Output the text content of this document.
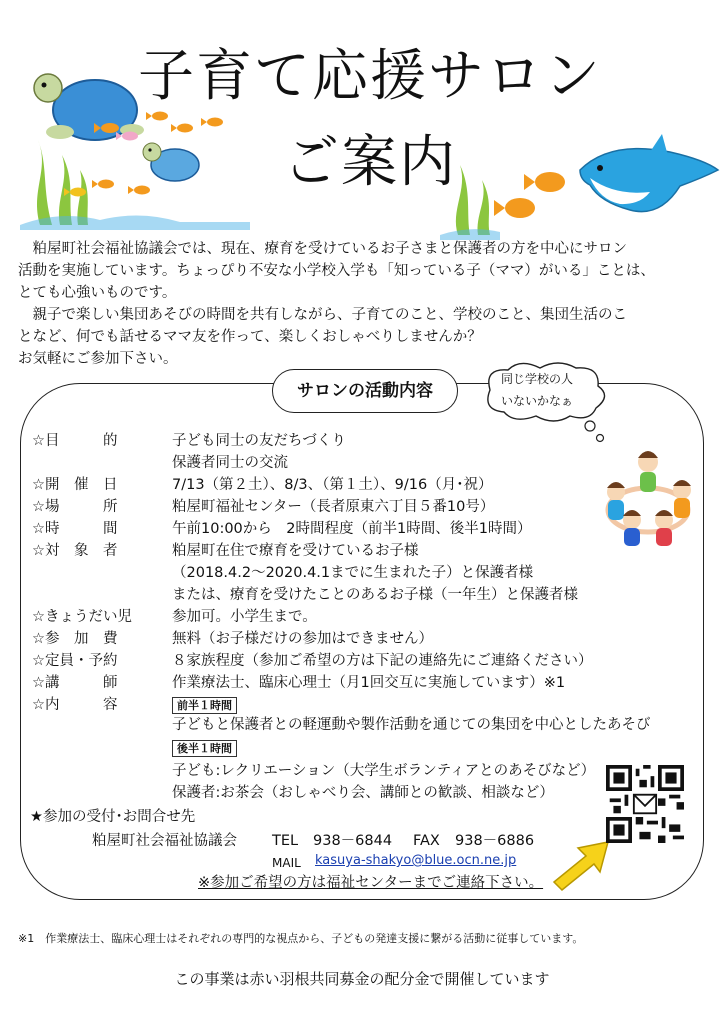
子育て応援サロン
ご案内

　粕屋町社会福祉協議会では、現在、療育を受けているお子さまと保護者の方を中心にサロン

活動を実施しています。ちょっぴり不安な小学校入学も「知っている子（ママ）がいる」ことは、

とても心強いものです。

　親子で楽しい集団あそびの時間を共有しながら、子育てのこと、学校のこと、集団生活のこ

となど、何でも話せるママ友を作って、楽しくおしゃべりしませんか？

お気軽にご参加下さい。

サロンの活動内容
同じ学校の人
いないかなぁ
☆目　　　的	子ども同士の友だちづくり
保護者同士の交流
☆開　催　日	7/13（第２土）、8/3、（第１土）、9/16（月･祝）
☆場　　　所	粕屋町福祉センター（長者原東六丁目５番10号）
☆時　　　間	午前10:00から　2時間程度（前半1時間、後半1時間）
☆対　象　者	粕屋町在住で療育を受けているお子様
（2018.4.2～2020.4.1までに生まれた子）と保護者様
または、療育を受けたことのあるお子様（一年生）と保護者様
☆きょうだい児	参加可。小学生まで。
☆参　加　費	無料（お子様だけの参加はできません）
☆定員・予約	８家族程度（参加ご希望の方は下記の連絡先にご連絡ください）
☆講　　　師	作業療法士、臨床心理士（月1回交互に実施しています）※1
☆内　　　容	前半１時間
子どもと保護者との軽運動や製作活動を通じての集団を中心としたあそび
後半１時間
子ども:レクリエーション（大学生ボランティアとのあそびなど）
保護者:お茶会（おしゃべり会、講師との歓談、相談など）
★参加の受付･お問合せ先
粕屋町社会福祉協議会 TEL 938－6844 FAX 938－6886
MAIL kasuya-shakyo@blue.ocn.ne.jp
※参加ご希望の方は福祉センターまでご連絡下さい。
※1　作業療法士、臨床心理士はそれぞれの専門的な視点から、子どもの発達支援に繋がる活動に従事しています。
この事業は赤い羽根共同募金の配分金で開催しています
